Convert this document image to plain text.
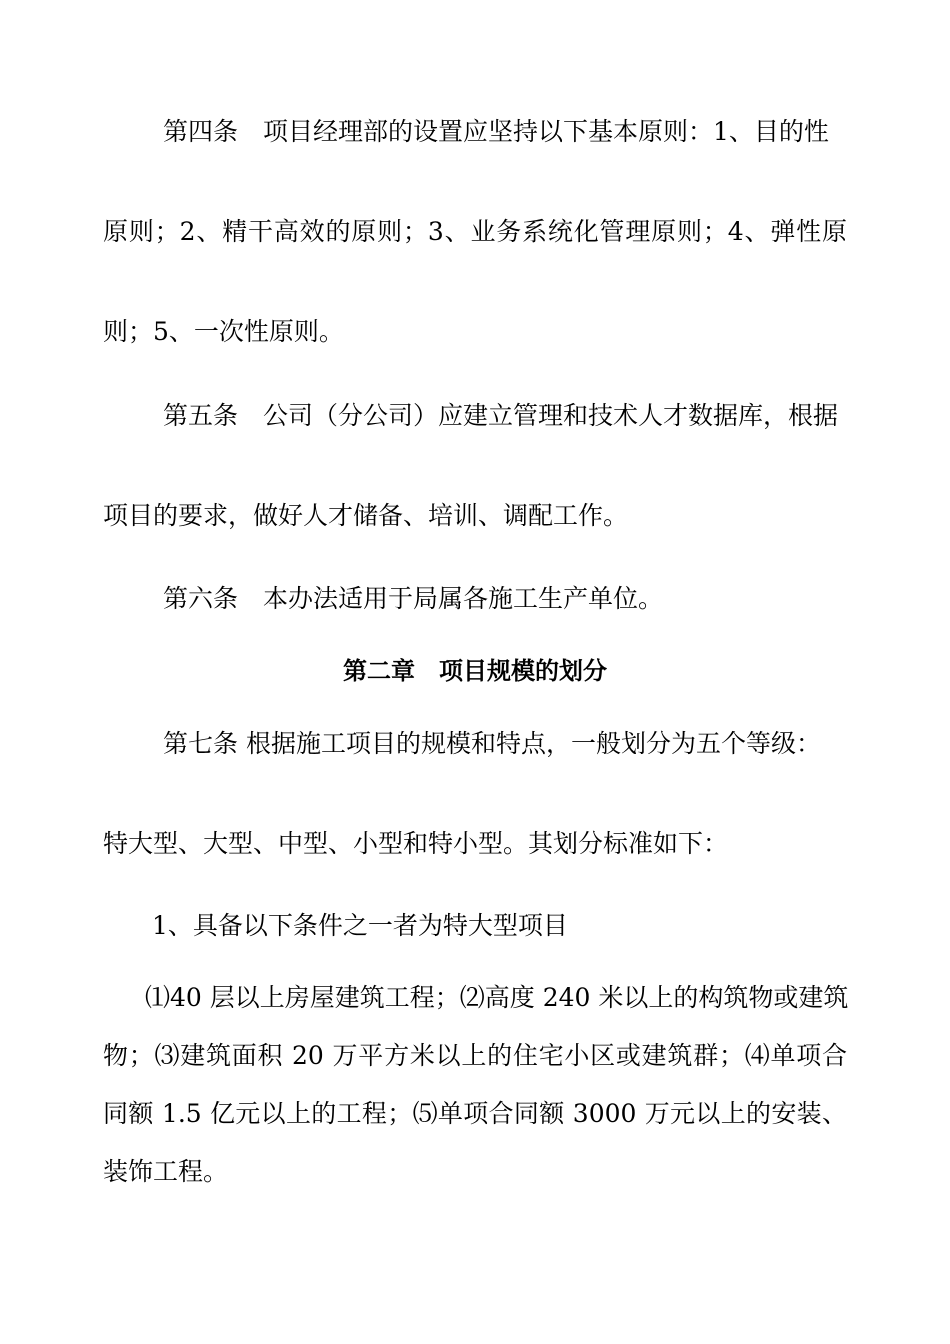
第四条　项目经理部的设置应坚持以下基本原则：1、目的性

原则；2、精干高效的原则；3、业务系统化管理原则；4、弹性原

则；5、一次性原则。

第五条　公司（分公司）应建立管理和技术人才数据库，根据

项目的要求，做好人才储备、培训、调配工作。

第六条　本办法适用于局属各施工生产单位。

第二章　项目规模的划分

第七条 根据施工项目的规模和特点，一般划分为五个等级：

特大型、大型、中型、小型和特小型。其划分标准如下：

1、具备以下条件之一者为特大型项目

⑴40 层以上房屋建筑工程；⑵高度 240 米以上的构筑物或建筑

物；⑶建筑面积 20 万平方米以上的住宅小区或建筑群；⑷单项合

同额 1.5 亿元以上的工程；⑸单项合同额 3000 万元以上的安装、

装饰工程。
